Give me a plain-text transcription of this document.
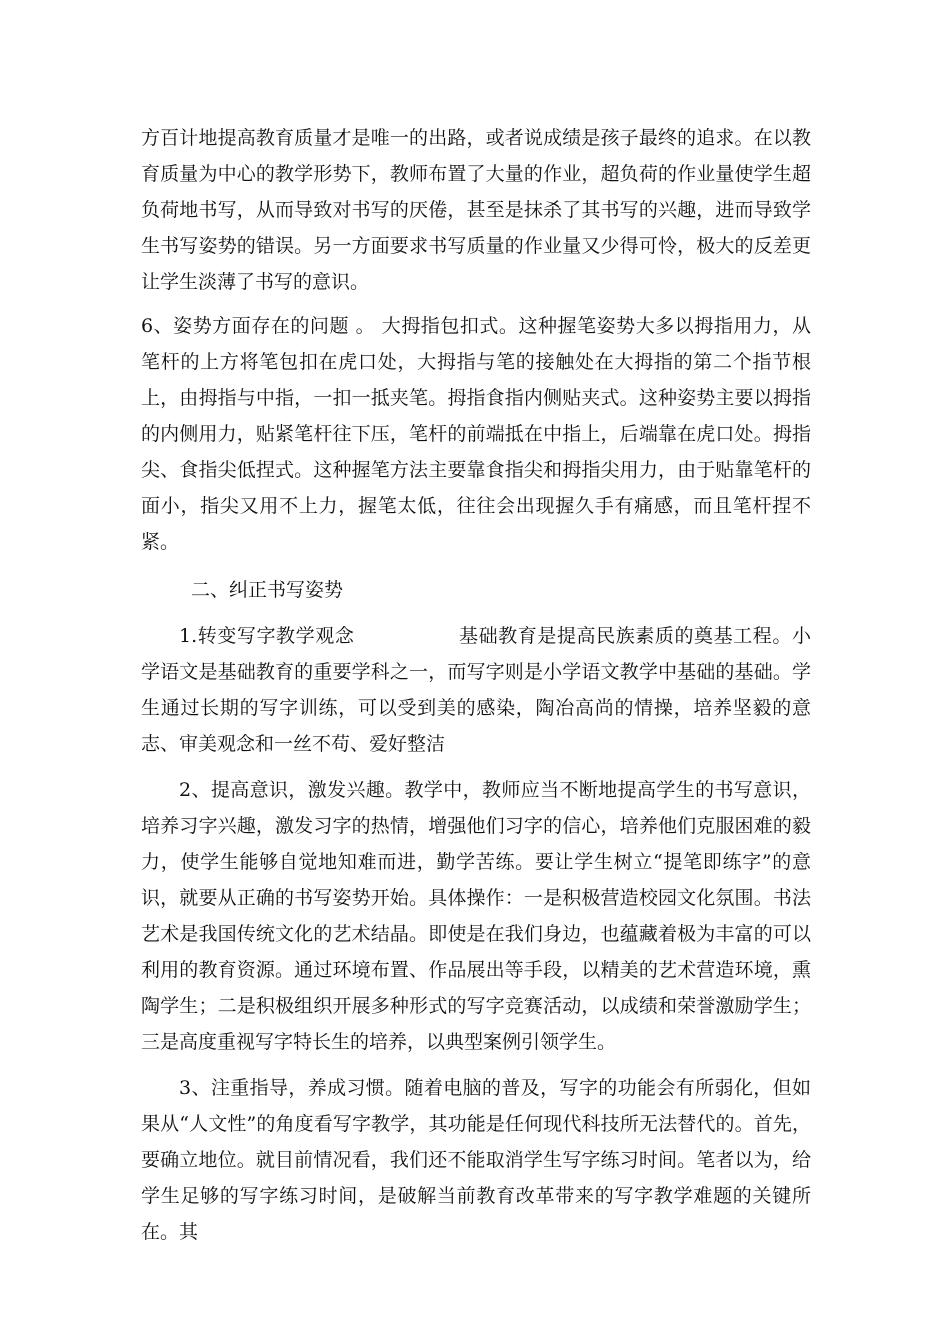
方百计地提高教育质量才是唯一的出路，或者说成绩是孩子最终的追求。在以教育质量为中心的教学形势下，教师布置了大量的作业，超负荷的作业量使学生超负荷地书写，从而导致对书写的厌倦，甚至是抹杀了其书写的兴趣，进而导致学生书写姿势的错误。另一方面要求书写质量的作业量又少得可怜，极大的反差更让学生淡薄了书写的意识。

6、姿势方面存在的问题 。 大拇指包扣式。这种握笔姿势大多以拇指用力，从笔杆的上方将笔包扣在虎口处，大拇指与笔的接触处在大拇指的第二个指节根上，由拇指与中指，一扣一抵夹笔。拇指食指内侧贴夹式。这种姿势主要以拇指的内侧用力，贴紧笔杆往下压，笔杆的前端抵在中指上，后端靠在虎口处。拇指尖、食指尖低捏式。这种握笔方法主要靠食指尖和拇指尖用力，由于贴靠笔杆的面小，指尖又用不上力，握笔太低，往往会出现握久手有痛感，而且笔杆捏不紧。

二、纠正书写姿势

1.转变写字教学观念	基础教育是提高民族素质的奠基工程。小学语文是基础教育的重要学科之一，而写字则是小学语文教学中基础的基础。学生通过长期的写字训练，可以受到美的感染，陶冶高尚的情操，培养坚毅的意志、审美观念和一丝不苟、爱好整洁

2、提高意识，激发兴趣。教学中，教师应当不断地提高学生的书写意识，培养习字兴趣，激发习字的热情，增强他们习字的信心，培养他们克服困难的毅力，使学生能够自觉地知难而进，勤学苦练。要让学生树立“提笔即练字”的意识，就要从正确的书写姿势开始。具体操作：一是积极营造校园文化氛围。书法艺术是我国传统文化的艺术结晶。即使是在我们身边，也蕴藏着极为丰富的可以利用的教育资源。通过环境布置、作品展出等手段，以精美的艺术营造环境，熏陶学生；二是积极组织开展多种形式的写字竞赛活动，以成绩和荣誉激励学生；三是高度重视写字特长生的培养，以典型案例引领学生。

3、注重指导，养成习惯。随着电脑的普及，写字的功能会有所弱化，但如果从“人文性”的角度看写字教学，其功能是任何现代科技所无法替代的。首先，要确立地位。就目前情况看，我们还不能取消学生写字练习时间。笔者以为，给学生足够的写字练习时间，是破解当前教育改革带来的写字教学难题的关键所在。其
